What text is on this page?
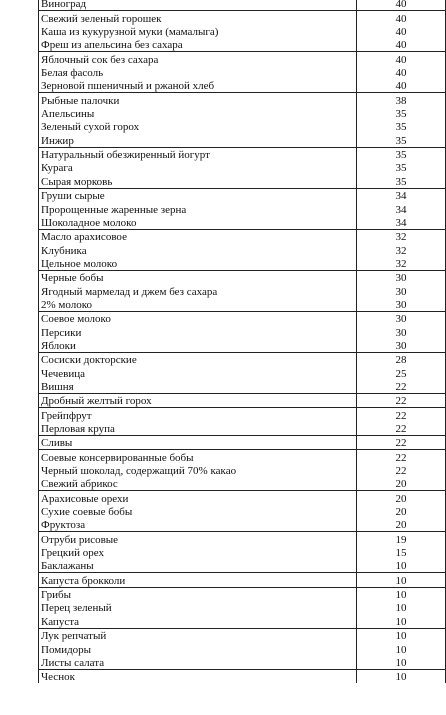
Виноград	40
Свежий зеленый горошек	40
Каша из кукурузной муки (мамалыга)	40
Фреш из апельсина без сахара	40
Яблочный сок без сахара	40
Белая фасоль	40
Зерновой пшеничный и ржаной хлеб	40
Рыбные палочки	38
Апельсины	35
Зеленый сухой горох	35
Инжир	35
Натуральный обезжиренный йогурт	35
Курага	35
Сырая морковь	35
Груши сырые	34
Пророщенные жаренные зерна	34
Шоколадное молоко	34
Масло арахисовое	32
Клубника	32
Цельное молоко	32
Черные бобы	30
Ягодный мармелад и джем без сахара	30
2% молоко	30
Соевое молоко	30
Персики	30
Яблоки	30
Сосиски докторские	28
Чечевица	25
Вишня	22
Дробный желтый горох	22
Грейпфрут	22
Перловая крупа	22
Сливы	22
Соевые консервированные бобы	22
Черный шоколад, содержащий 70% какао	22
Свежий абрикос	20
Арахисовые орехи	20
Сухие соевые бобы	20
Фруктоза	20
Отруби рисовые	19
Грецкий орех	15
Баклажаны	10
Капуста брокколи	10
Грибы	10
Перец зеленый	10
Капуста	10
Лук репчатый	10
Помидоры	10
Листы салата	10
Чеснок	10
